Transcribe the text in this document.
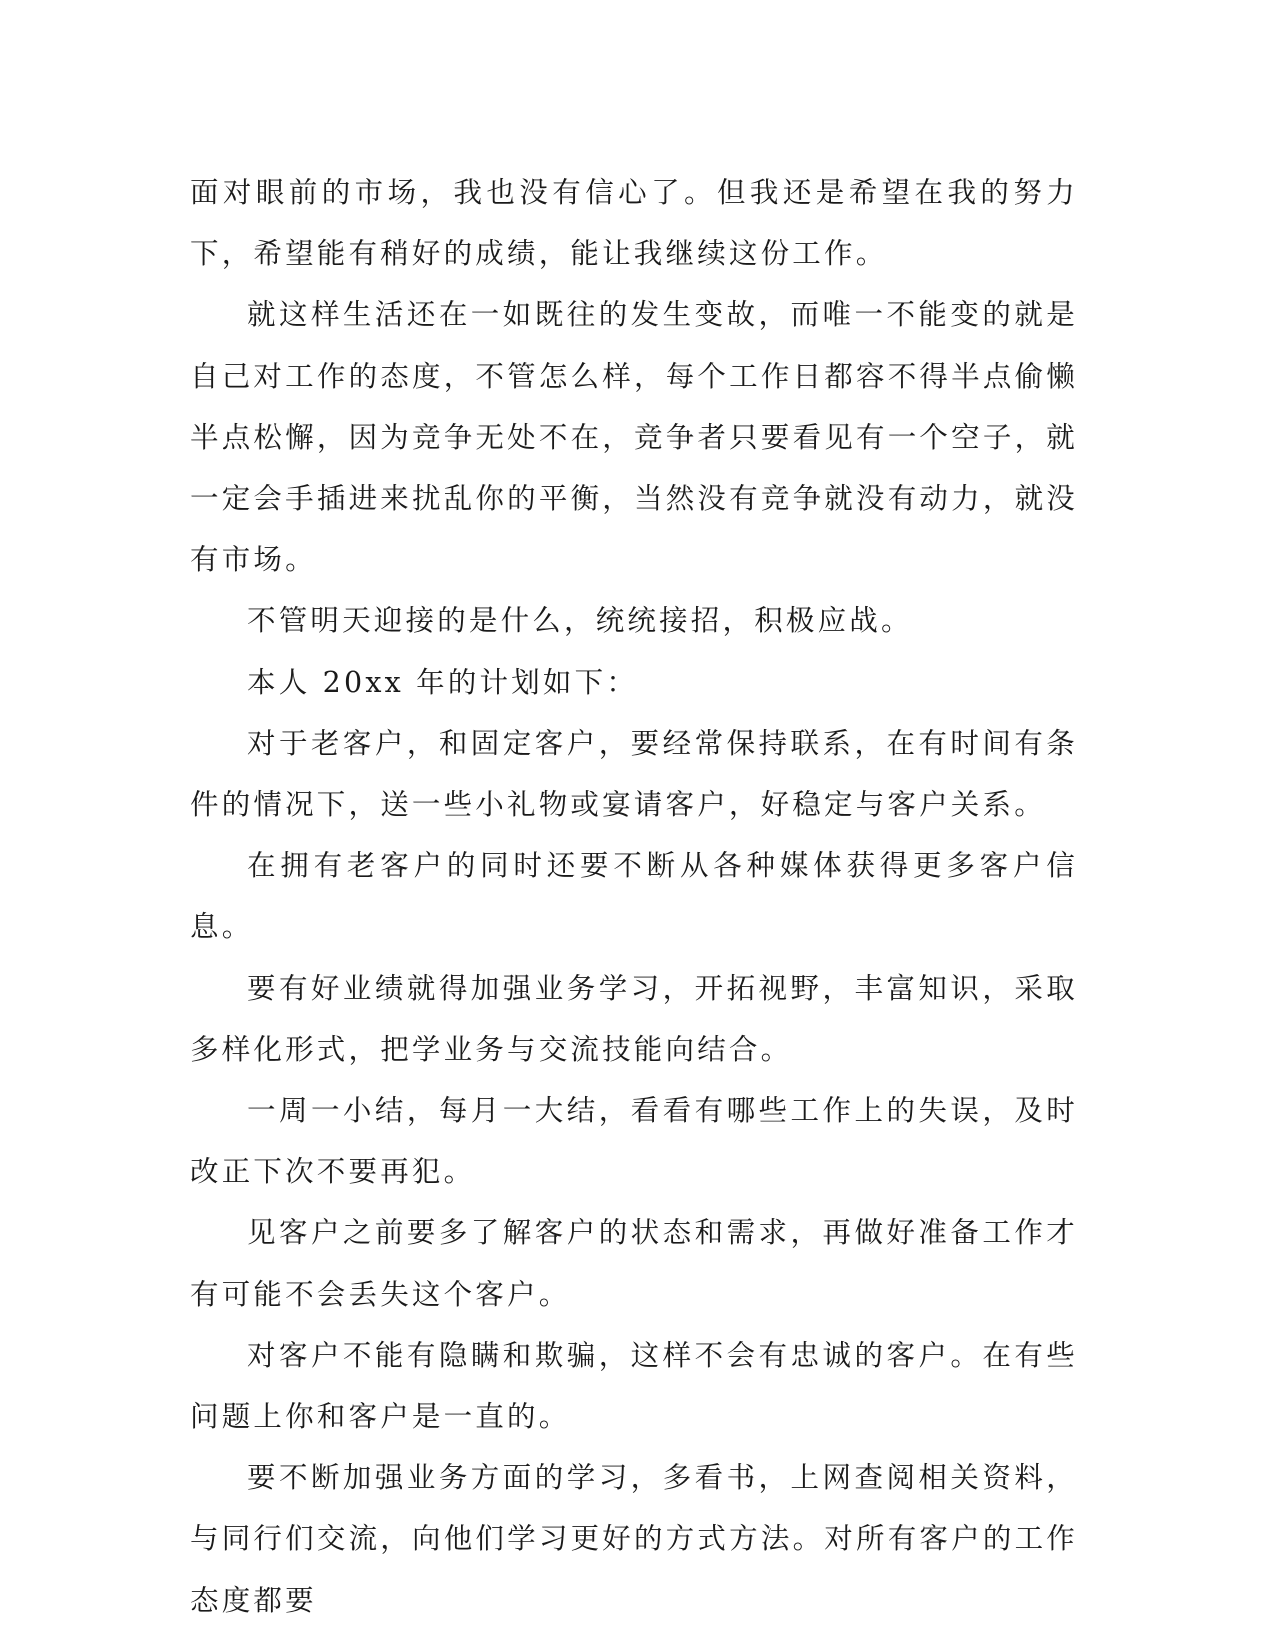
面对眼前的市场，我也没有信心了。但我还是希望在我的努力下，希望能有稍好的成绩，能让我继续这份工作。

就这样生活还在一如既往的发生变故，而唯一不能变的就是自己对工作的态度，不管怎么样，每个工作日都容不得半点偷懒半点松懈，因为竞争无处不在，竞争者只要看见有一个空子，就一定会手插进来扰乱你的平衡，当然没有竞争就没有动力，就没有市场。

不管明天迎接的是什么，统统接招，积极应战。

本人 20xx 年的计划如下：

对于老客户，和固定客户，要经常保持联系，在有时间有条件的情况下，送一些小礼物或宴请客户，好稳定与客户关系。

在拥有老客户的同时还要不断从各种媒体获得更多客户信息。

要有好业绩就得加强业务学习，开拓视野，丰富知识，采取多样化形式，把学业务与交流技能向结合。

一周一小结，每月一大结，看看有哪些工作上的失误，及时改正下次不要再犯。

见客户之前要多了解客户的状态和需求，再做好准备工作才有可能不会丢失这个客户。

对客户不能有隐瞒和欺骗，这样不会有忠诚的客户。在有些问题上你和客户是一直的。

要不断加强业务方面的学习，多看书，上网查阅相关资料，与同行们交流，向他们学习更好的方式方法。对所有客户的工作态度都要
